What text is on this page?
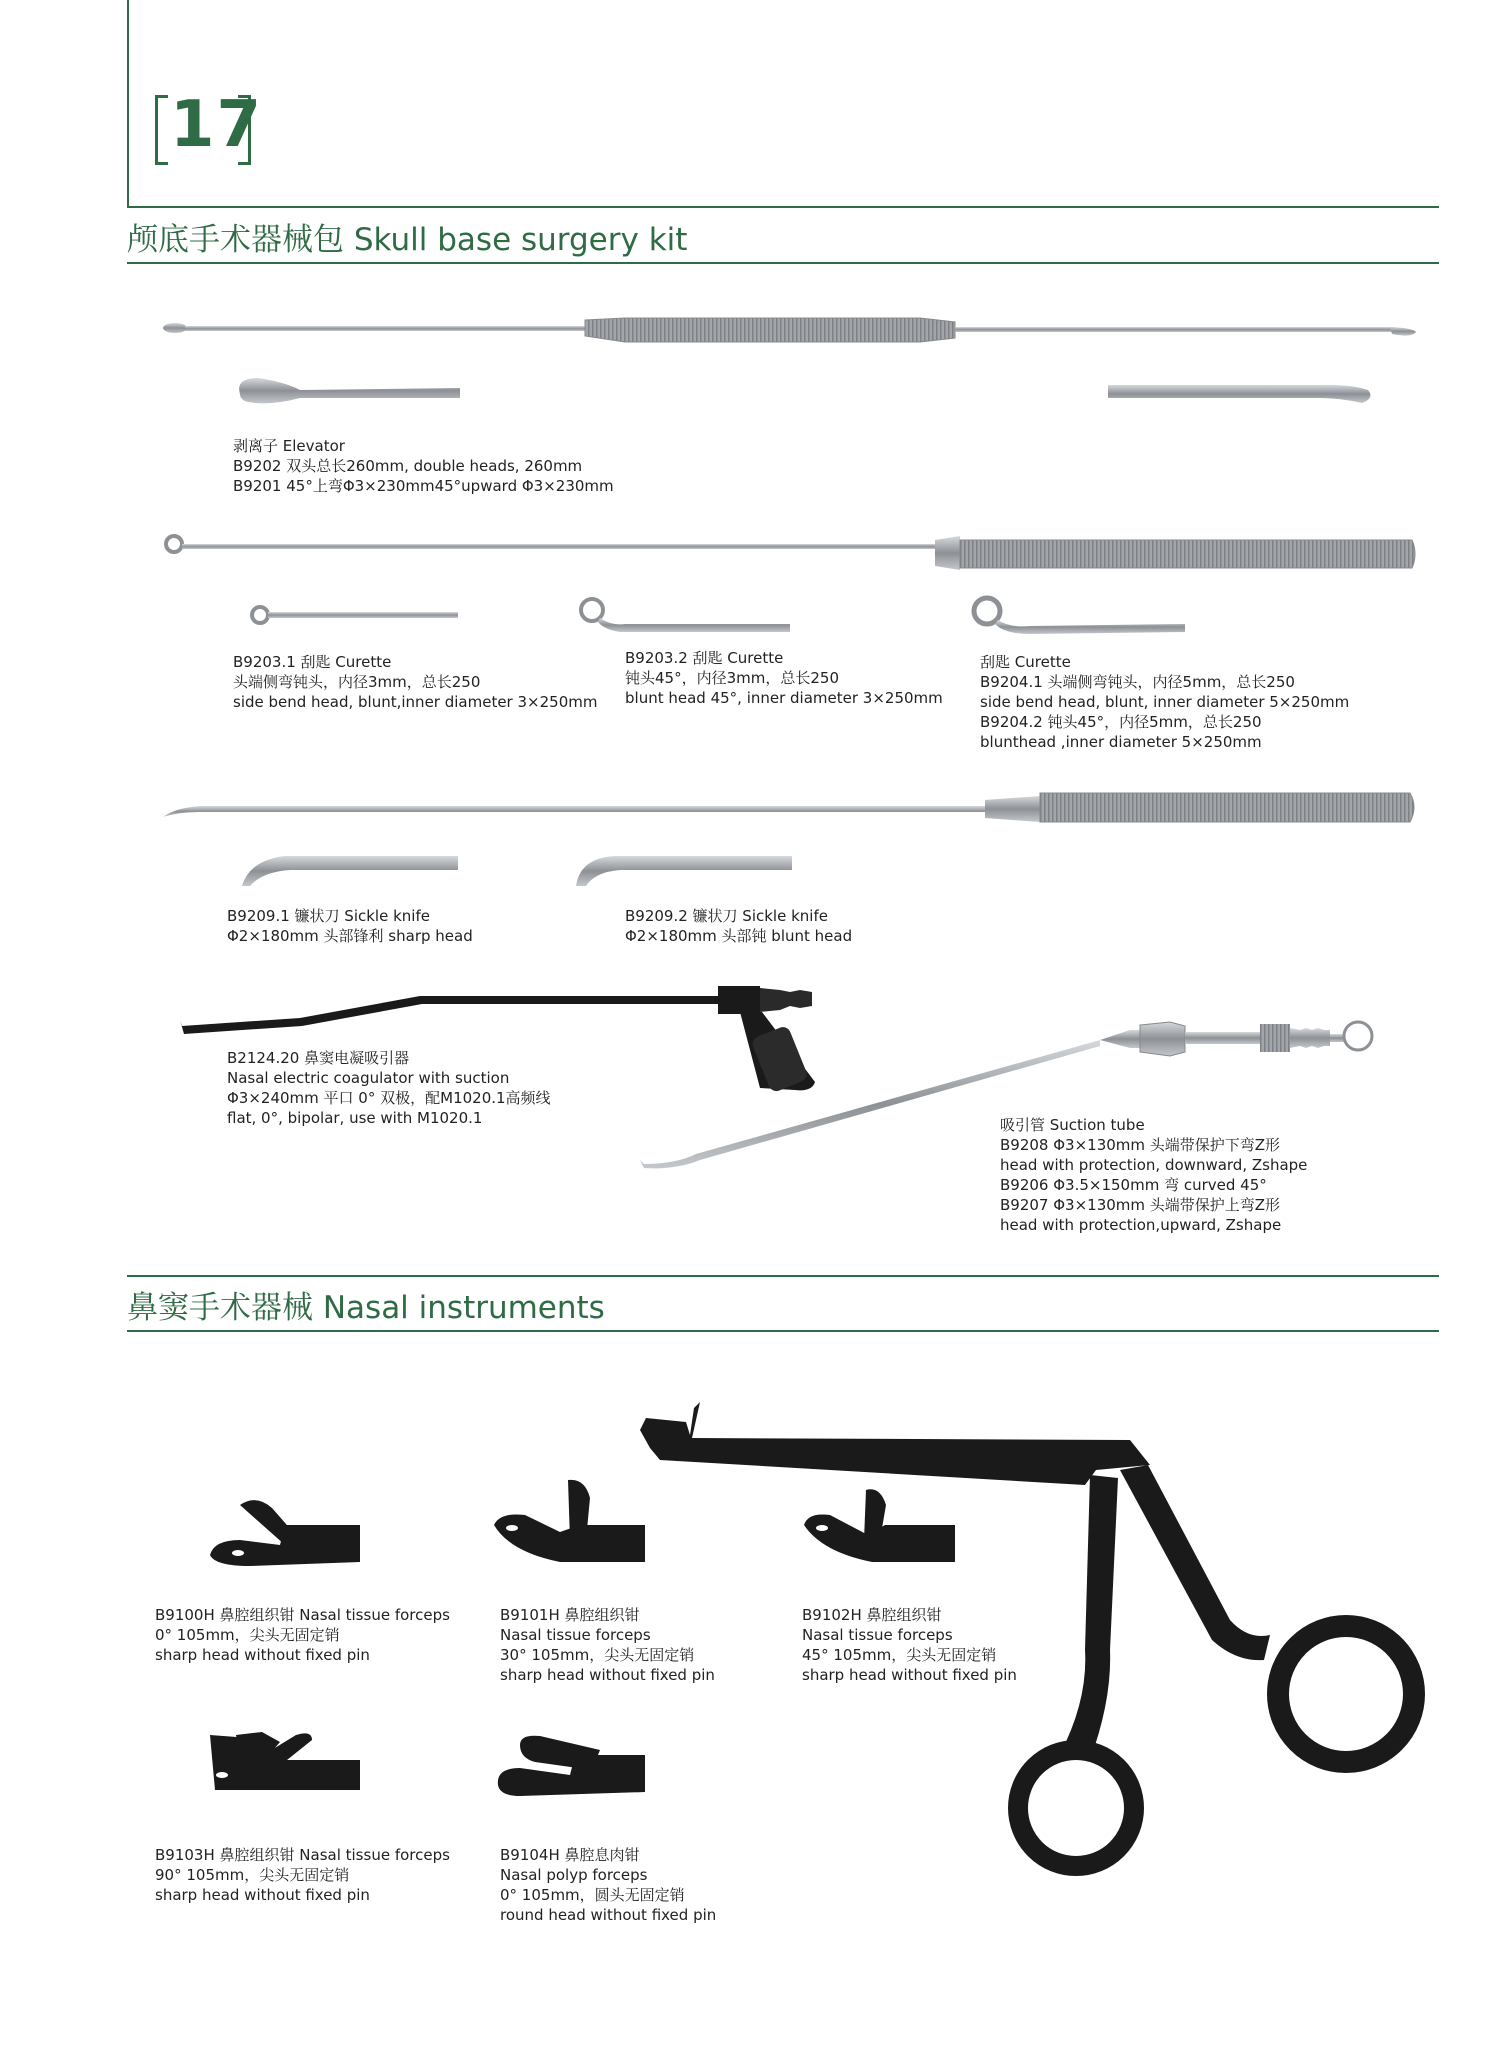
17
颅底手术器械包 Skull base surgery kit
鼻窦手术器械 Nasal instruments
剥离子 Elevator
B9202 双头总长260mm, double heads, 260mm
B9201 45°上弯Φ3×230mm45°upward Φ3×230mm
B9203.1 刮匙 Curette
头端侧弯钝头，内径3mm，总长250
side bend head, blunt,inner diameter 3×250mm
B9203.2 刮匙 Curette
钝头45°，内径3mm，总长250
blunt head 45°, inner diameter 3×250mm
刮匙 Curette
B9204.1 头端侧弯钝头，内径5mm，总长250
side bend head, blunt, inner diameter 5×250mm
B9204.2 钝头45°，内径5mm，总长250
blunthead ,inner diameter 5×250mm
B9209.1 镰状刀 Sickle knife
Φ2×180mm 头部锋利 sharp head
B9209.2 镰状刀 Sickle knife
Φ2×180mm 头部钝 blunt head
B2124.20 鼻窦电凝吸引器
Nasal electric coagulator with suction
Φ3×240mm 平口 0° 双极，配M1020.1高频线
flat, 0°, bipolar, use with M1020.1	吸引管 Suction tube
B9208 Φ3×130mm 头端带保护下弯Z形
head with protection, downward, Zshape
B9206 Φ3.5×150mm 弯 curved 45°
B9207 Φ3×130mm 头端带保护上弯Z形
head with protection,upward, Zshape
B9100H 鼻腔组织钳 Nasal tissue forceps
0° 105mm，尖头无固定销
sharp head without fixed pin
B9101H 鼻腔组织钳
Nasal tissue forceps
30° 105mm，尖头无固定销
sharp head without fixed pin
B9102H 鼻腔组织钳
Nasal tissue forceps
45° 105mm，尖头无固定销
sharp head without fixed pin
B9103H 鼻腔组织钳 Nasal tissue forceps
90° 105mm，尖头无固定销
sharp head without fixed pin
B9104H 鼻腔息肉钳
Nasal polyp forceps
0° 105mm，圆头无固定销
round head without fixed pin
